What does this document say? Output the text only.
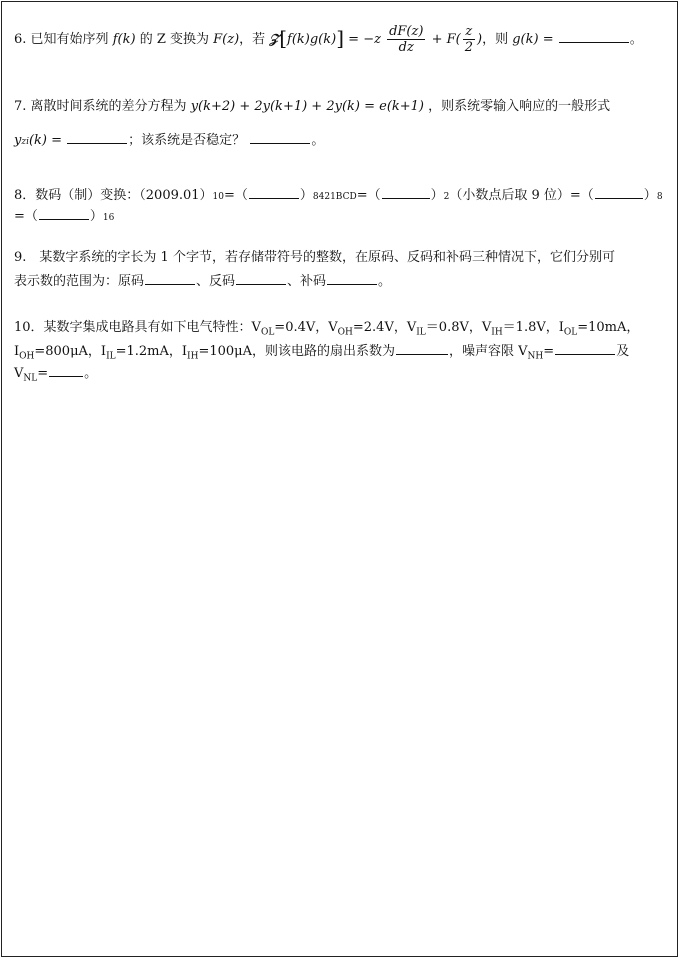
6. 已知有始序列 f(k) 的 Z 变换为 F(z)，若 𝒵[f(k)g(k)] = $-z \frac{dF(z)}{dz} + F( \frac{z}{2}$ )，则 g(k) =	。
7. 离散时间系统的差分方程为 y(k+2) + 2y(k+1) + 2y(k) = e(k+1) ，则系统零输入响应的一般形式
yzi(k) =	；该系统是否稳定？	。
8．数码（制）变换：（2009.01）10=（	）8421BCD=（	）2（小数点后取 9 位）=（	）8
=（	）16
9.　某数字系统的字长为 1 个字节，若存储带符号的整数，在原码、反码和补码三种情况下，它们分别可
表示数的范围为：原码	、反码	、补码	。
10．某数字集成电路具有如下电气特性：$V_{OL}=0.4V$，$V_{OH}=2.4V$，$V_{IL}=0.8V$，$V_{IH}=1.8V$，$I_{OL}=10mA$，
$I_{OH}=800\mu A$，$I_{IL}=1.2mA$，$I_{IH}=100\mu A$，则该电路的扇出系数为	，噪声容限 $V_{NH}=$	及
$V_{NL}=$	。
